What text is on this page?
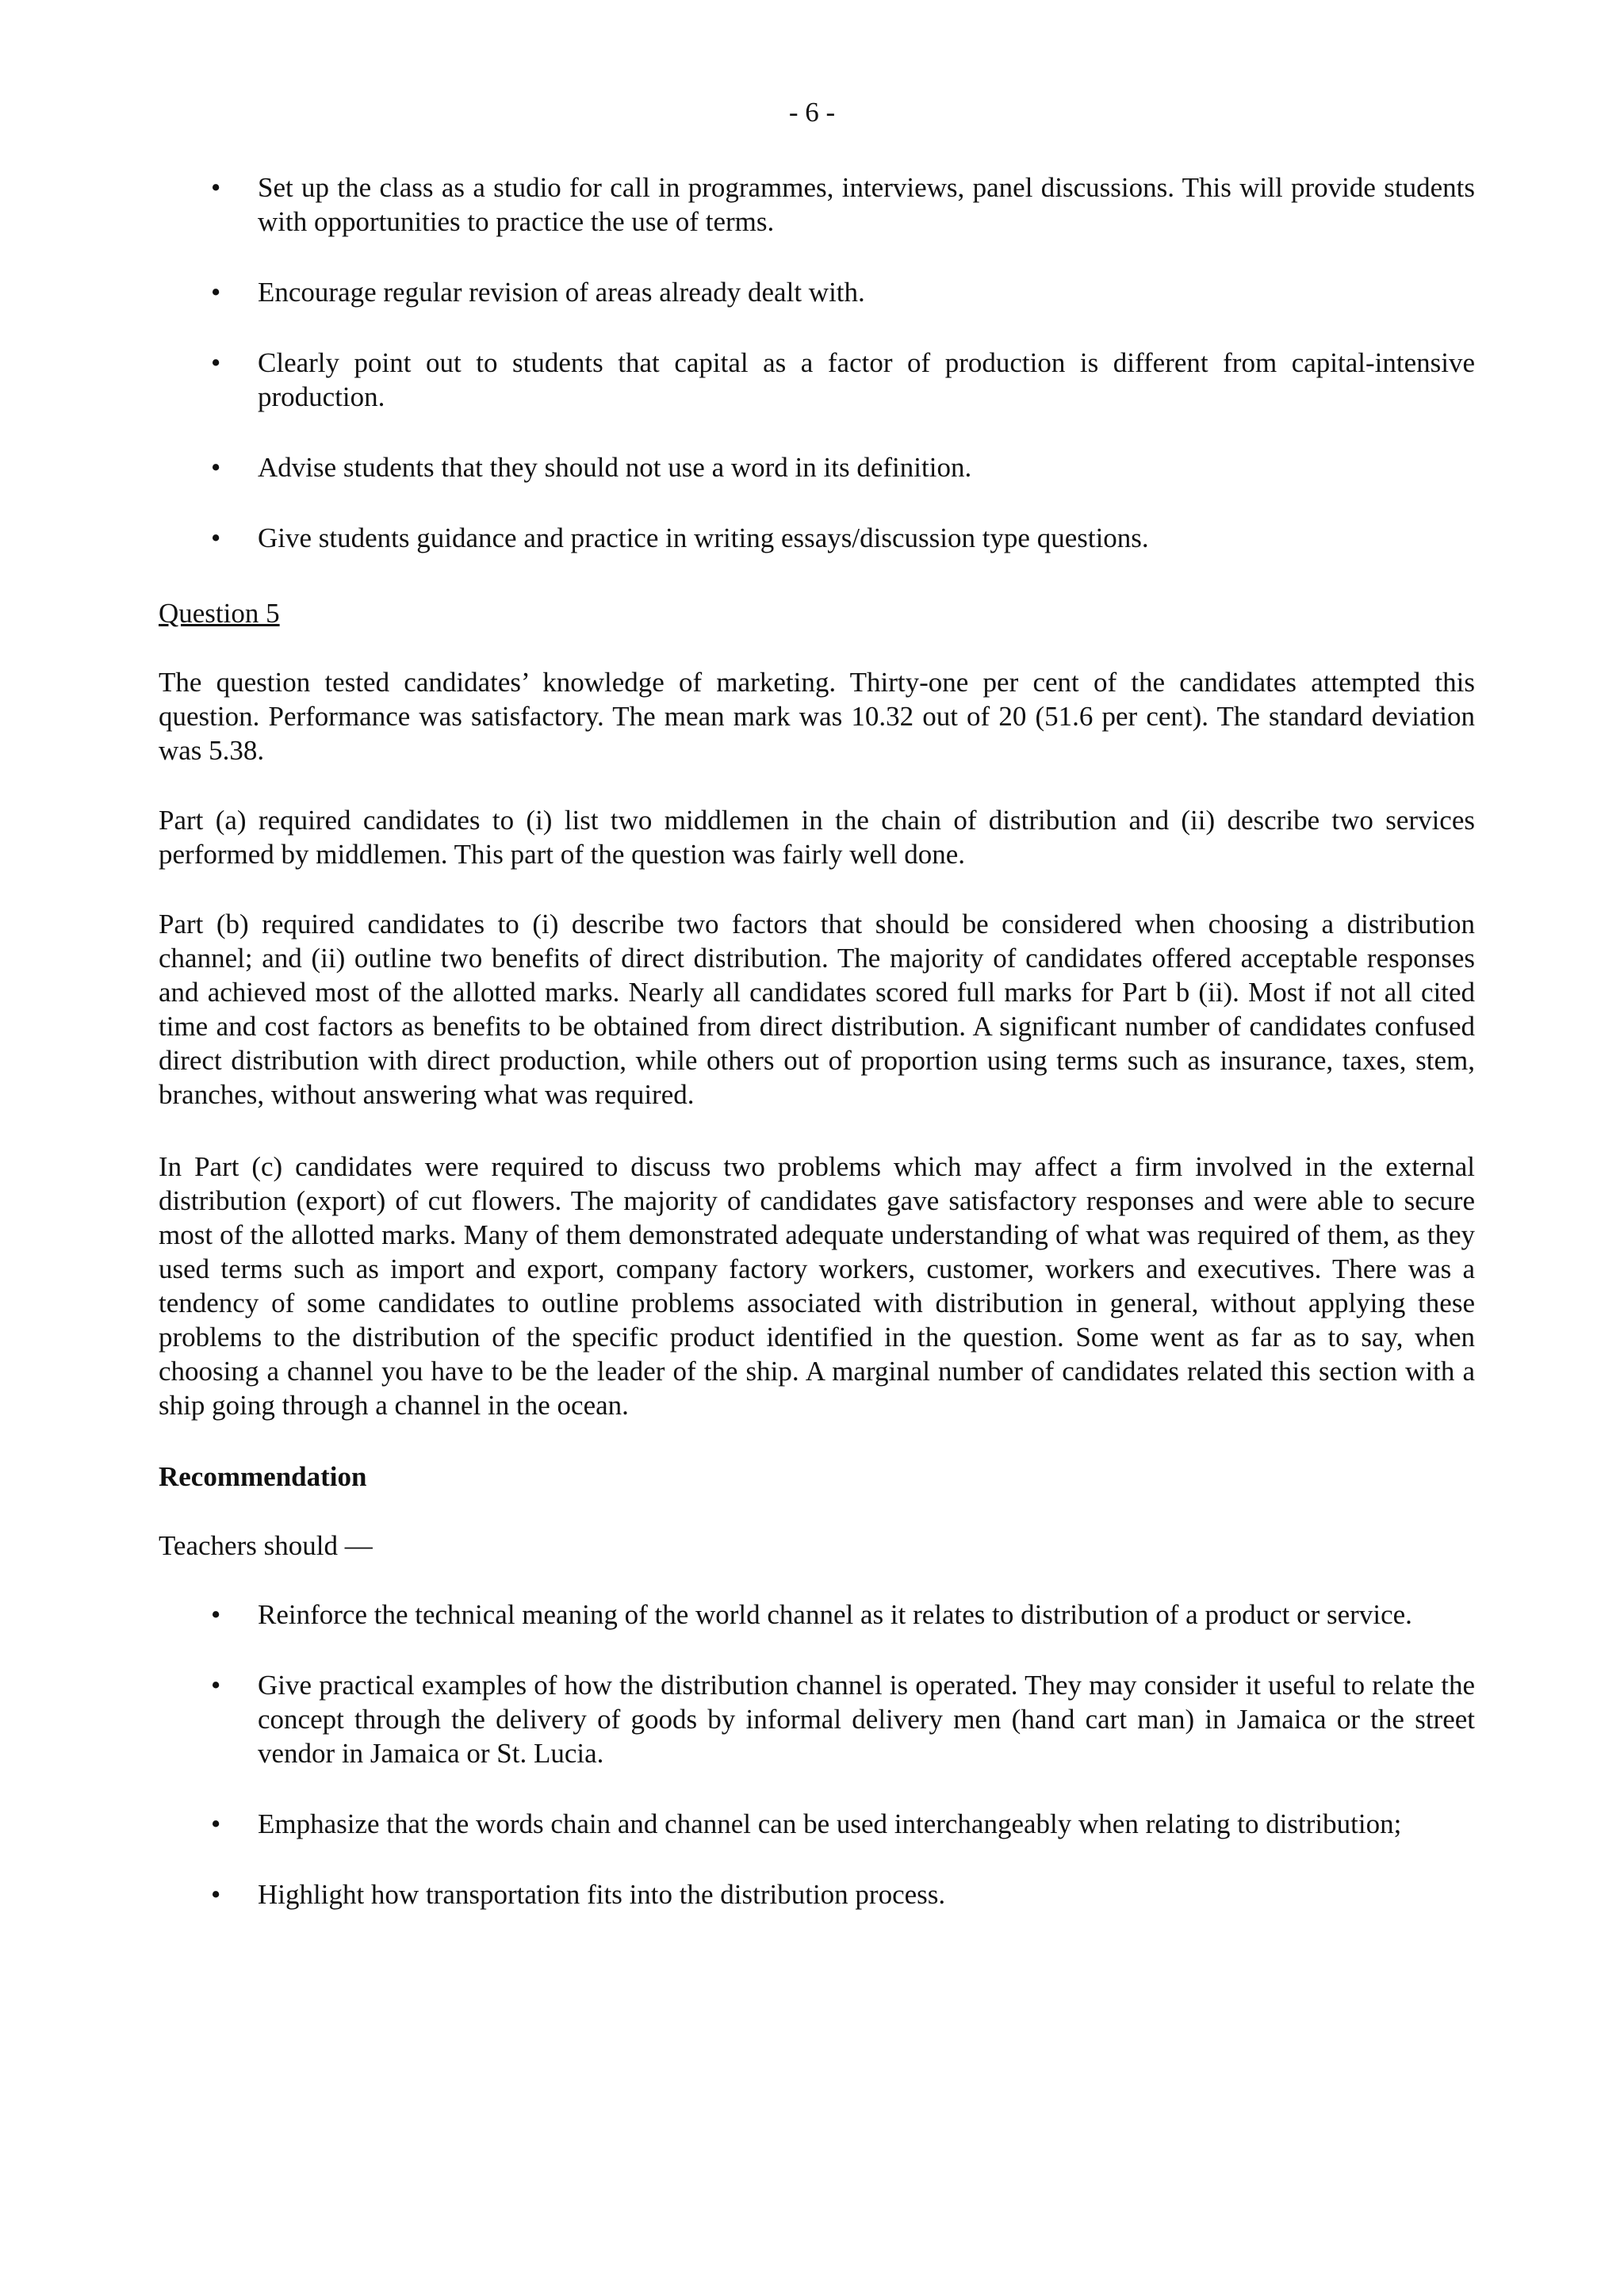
- 6 -
• Set up the class as a studio for call in programmes, interviews, panel discussions. This will provide students with opportunities to practice the use of terms.
• Encourage regular revision of areas already dealt with.
• Clearly point out to students that capital as a factor of production is different from capital-intensive production.
• Advise students that they should not use a word in its definition.
• Give students guidance and practice in writing essays/discussion type questions.
Question 5

The question tested candidates’ knowledge of marketing. Thirty-one per cent of the candidates attempted this question. Performance was satisfactory. The mean mark was 10.32 out of 20 (51.6 per cent). The standard deviation was 5.38.

Part (a) required candidates to (i) list two middlemen in the chain of distribution and (ii) describe two services performed by middlemen. This part of the question was fairly well done.

Part (b) required candidates to (i) describe two factors that should be considered when choosing a distribution channel; and (ii) outline two benefits of direct distribution. The majority of candidates offered acceptable responses and achieved most of the allotted marks. Nearly all candidates scored full marks for Part b (ii). Most if not all cited time and cost factors as benefits to be obtained from direct distribution. A significant number of candidates confused direct distribution with direct production, while others out of proportion using terms such as insurance, taxes, stem, branches, without answering what was required.

In Part (c) candidates were required to discuss two problems which may affect a firm involved in the external distribution (export) of cut flowers. The majority of candidates gave satisfactory responses and were able to secure most of the allotted marks. Many of them demonstrated adequate understanding of what was required of them, as they used terms such as import and export, company factory workers, customer, workers and executives. There was a tendency of some candidates to outline problems associated with distribution in general, without applying these problems to the distribution of the specific product identified in the question. Some went as far as to say, when choosing a channel you have to be the leader of the ship. A marginal number of candidates related this section with a ship going through a channel in the ocean.

Recommendation
Teachers should —
• Reinforce the technical meaning of the world channel as it relates to distribution of a product or service.
• Give practical examples of how the distribution channel is operated. They may consider it useful to relate the concept through the delivery of goods by informal delivery men (hand cart man) in Jamaica or the street vendor in Jamaica or St. Lucia.
• Emphasize that the words chain and channel can be used interchangeably when relating to distribution;
• Highlight how transportation fits into the distribution process.
